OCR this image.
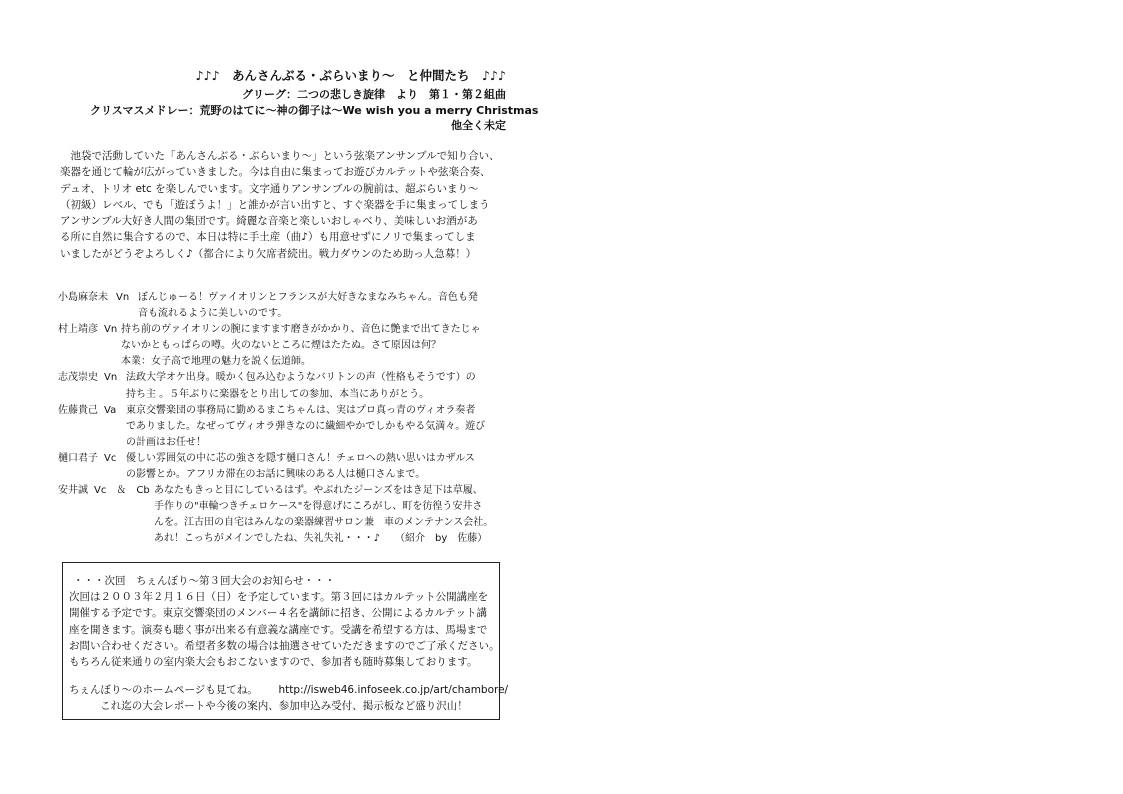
♪♪♪　あんさんぶる・ぶらいまり〜　と仲間たち　♪♪♪
グリーグ：二つの悲しき旋律　より　第１・第２組曲
クリスマスメドレー：荒野のはてに〜神の御子は〜We wish you a merry Christmas
他全く未定
　池袋で活動していた「あんさんぶる・ぶらいまり〜」という弦楽アンサンブルで知り合い、
楽器を通じて輪が広がっていきました。今は自由に集まってお遊びカルテットや弦楽合奏、
デュオ、トリオ etc を楽しんでいます。文字通りアンサンブルの腕前は、超ぶらいまり〜
（初級）レベル、でも「遊ぼうよ！」と誰かが言い出すと、すぐ楽器を手に集まってしまう
アンサンブル大好き人間の集団です。綺麗な音楽と楽しいおしゃべり、美味しいお酒があ
る所に自然に集合するので、本日は特に手土産（曲♪）も用意せずにノリで集まってしま
いましたがどうぞよろしく♪（都合により欠席者続出。戦力ダウンのため助っ人急募！）
小島麻奈未 Vn ぼんじゅーる！ヴァイオリンとフランスが大好きなまなみちゃん。音色も発
音も流れるように美しいのです。
村上靖彦 Vn 持ち前のヴァイオリンの腕にますます磨きがかかり、音色に艶まで出てきたじゃ
ないかともっぱらの噂。火のないところに煙はたたぬ。さて原因は何？
本業：女子高で地理の魅力を説く伝道師。
志茂崇史 Vn 法政大学オケ出身。暖かく包み込むようなバリトンの声（性格もそうです）の
持ち主 。５年ぶりに楽器をとり出しての参加、本当にありがとう。
佐藤貴己 Va 東京交響楽団の事務局に勤めるまこちゃんは、実はプロ真っ青のヴィオラ奏者
でありました。なぜってヴィオラ弾きなのに繊細やかでしかもやる気満々。遊び
の計画はお任せ！
樋口君子 Vc 優しい雰囲気の中に芯の強さを隠す樋口さん！チェロへの熱い思いはカザルス
の影響とか。アフリカ滞在のお話に興味のある人は樋口さんまで。
安井誠 Vc　＆　Cb あなたもきっと目にしているはず。やぶれたジーンズをはき足下は草履、
手作りの"車輪つきチェロケース"を得意げにころがし、町を彷徨う安井さ
んを。江古田の自宅はみんなの楽器練習サロン兼　車のメンテナンス会社。
あれ！こっちがメインでしたね、失礼失礼・・・♪　　（紹介　by　佐藤）
・・・次回　ちぇんぼり〜第３回大会のお知らせ・・・
次回は２００３年２月１６日（日）を予定しています。第３回にはカルテット公開講座を
開催する予定です。東京交響楽団のメンバー４名を講師に招き、公開によるカルテット講
座を開きます。演奏も聴く事が出来る有意義な講座です。受講を希望する方は、馬場まで
お問い合わせください。希望者多数の場合は抽選させていただきますのでご了承ください。
もちろん従来通りの室内楽大会もおこないますので、参加者も随時募集しております。
ちぇんぼり〜のホームページも見てね。 http://isweb46.infoseek.co.jp/art/chambore/
これ迄の大会レポートや今後の案内、参加申込み受付、掲示板など盛り沢山！
